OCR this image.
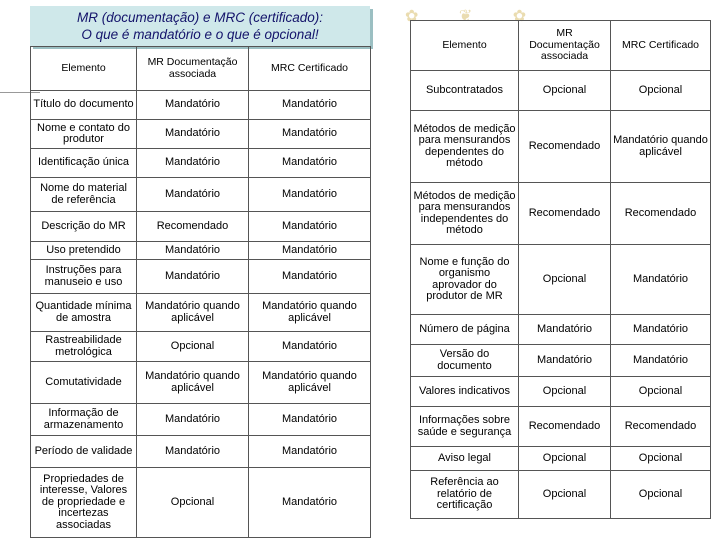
✿ ❦ ✿
MR (documentação) e MRC (certificado):
O que é mandatório e o que é opcional!
Elemento	MR Documentação associada	MRC Certificado
Título do documento	Mandatório	Mandatório
Nome e contato do produtor	Mandatório	Mandatório
Identificação única	Mandatório	Mandatório
Nome do material de referência	Mandatório	Mandatório
Descrição do MR	Recomendado	Mandatório
Uso pretendido	Mandatório	Mandatório
Instruções para manuseio e uso	Mandatório	Mandatório
Quantidade mínima de amostra	Mandatório quando aplicável	Mandatório quando aplicável
Rastreabilidade metrológica	Opcional	Mandatório
Comutatividade	Mandatório quando aplicável	Mandatório quando aplicável
Informação de armazenamento	Mandatório	Mandatório
Período de validade	Mandatório	Mandatório
Propriedades de interesse, Valores de propriedade e incertezas associadas	Opcional	Mandatório
Elemento	MR Documentação associada	MRC Certificado
Subcontratados	Opcional	Opcional
Métodos de medição para mensurandos dependentes do método	Recomendado	Mandatório quando aplicável
Métodos de medição para mensurandos independentes do método	Recomendado	Recomendado
Nome e função do organismo aprovador do produtor de MR	Opcional	Mandatório
Número de página	Mandatório	Mandatório
Versão do documento	Mandatório	Mandatório
Valores indicativos	Opcional	Opcional
Informações sobre saúde e segurança	Recomendado	Recomendado
Aviso legal	Opcional	Opcional
Referência ao relatório de certificação	Opcional	Opcional
